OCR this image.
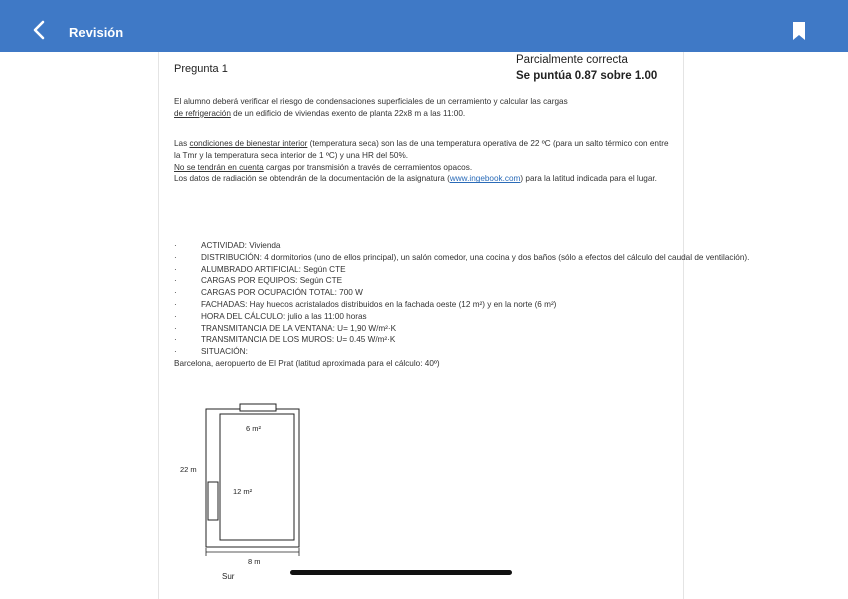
Revisión
Pregunta 1
Parcialmente correcta
Se puntúa 0.87 sobre 1.00
El alumno deberá verificar el riesgo de condensaciones superficiales de un cerramiento y calcular las cargas
de refrigeración de un edificio de viviendas exento de planta 22x8 m a las 11:00.
Las condiciones de bienestar interior (temperatura seca) son las de una temperatura operativa de 22 ºC (para un salto térmico con entre la Tmr y la temperatura seca interior de 1 ºC) y una HR del 50%.
No se tendrán en cuenta cargas por transmisión a través de cerramientos opacos.
Los datos de radiación se obtendrán de la documentación de la asignatura (www.ingebook.com) para la latitud indicada para el lugar.
·	ACTIVIDAD: Vivienda
·	DISTRIBUCIÓN: 4 dormitorios (uno de ellos principal), un salón comedor, una cocina y dos baños (sólo a efectos del cálculo del caudal de ventilación).
·	ALUMBRADO ARTIFICIAL: Según CTE
·	CARGAS POR EQUIPOS: Según CTE
·	CARGAS POR OCUPACIÓN TOTAL: 700 W
·	FACHADAS: Hay huecos acristalados distribuidos en la fachada oeste (12 m²) y en la norte (6 m²)
·	HORA DEL CÁLCULO: julio a las 11:00 horas
·	TRANSMITANCIA DE LA VENTANA: U= 1,90 W/m²·K
·	TRANSMITANCIA DE LOS MUROS: U= 0.45 W/m²·K
·	SITUACIÓN:
Barcelona, aeropuerto de El Prat (latitud aproximada para el cálculo: 40º)
6 m²
12 m²
22 m
8 m
Sur
